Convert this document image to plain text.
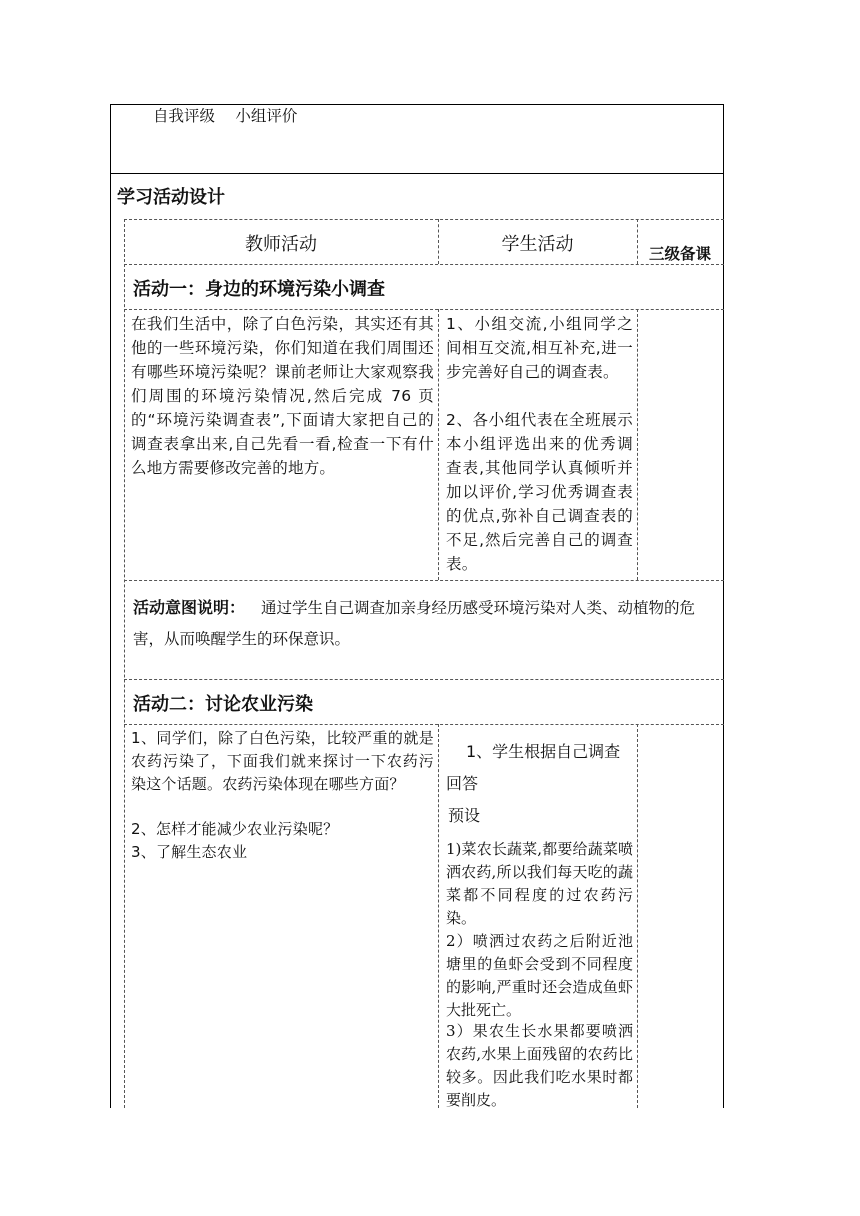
自我评级　 小组评价
学习活动设计
教师活动	学生活动	三级备课
活动一：身边的环境污染小调查
在我们生活中，除了白色污染，其实还有其他的一些环境污染，你们知道在我们周围还有哪些环境污染呢？课前老师让大家观察我们周围的环境污染情况,然后完成 76 页的“环境污染调查表”,下面请大家把自己的调查表拿出来,自己先看一看,检查一下有什么地方需要修改完善的地方。
1、小组交流,小组同学之间相互交流,相互补充,进一步完善好自己的调查表。
2、各小组代表在全班展示本小组评选出来的优秀调查表,其他同学认真倾听并加以评价,学习优秀调查表的优点,弥补自己调查表的不足,然后完善自己的调查表。
活动意图说明： 通过学生自己调查加亲身经历感受环境污染对人类、动植物的危害，从而唤醒学生的环保意识。
活动二：讨论农业污染
1、同学们，除了白色污染，比较严重的就是农药污染了，下面我们就来探讨一下农药污染这个话题。农药污染体现在哪些方面？
2、怎样才能减少农业污染呢？
3、了解生态农业
1、学生根据自己调查回答
预设
1)菜农长蔬菜,都要给蔬菜喷洒农药,所以我们每天吃的蔬菜都不同程度的过农药污染。
2）喷洒过农药之后附近池塘里的鱼虾会受到不同程度的影响,严重时还会造成鱼虾大批死亡。
3）果农生长水果都要喷洒农药,水果上面残留的农药比较多。因此我们吃水果时都要削皮。
